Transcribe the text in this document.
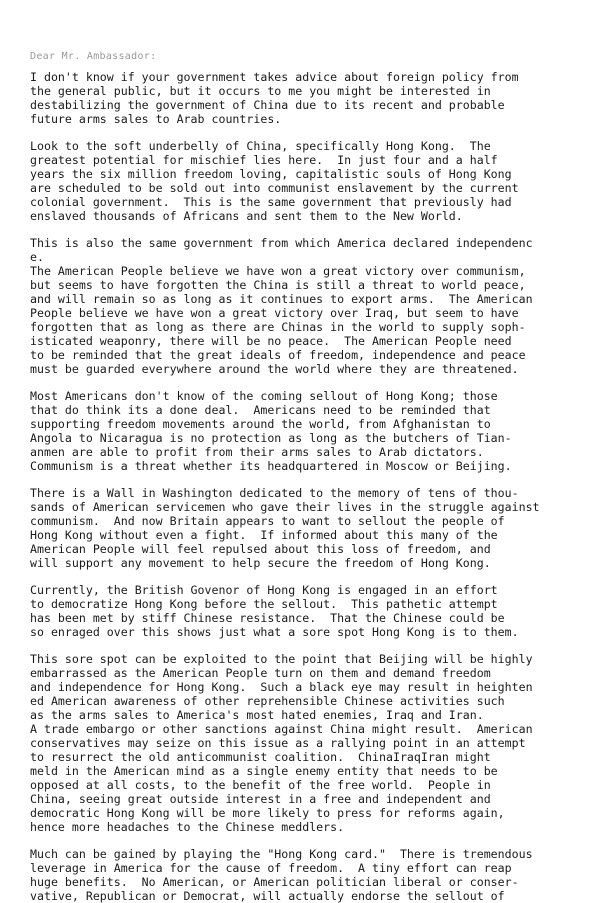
Dear Mr. Ambassador:
I don't know if your government takes advice about foreign policy from
the general public, but it occurs to me you might be interested in
destabilizing the government of China due to its recent and probable
future arms sales to Arab countries.
Look to the soft underbelly of China, specifically Hong Kong.  The
greatest potential for mischief lies here.  In just four and a half
years the six million freedom loving, capitalistic souls of Hong Kong
are scheduled to be sold out into communist enslavement by the current
colonial government.  This is the same government that previously had
enslaved thousands of Africans and sent them to the New World.
This is also the same government from which America declared independenc
e.
The American People believe we have won a great victory over communism,
but seems to have forgotten the China is still a threat to world peace,
and will remain so as long as it continues to export arms.  The American
People believe we have won a great victory over Iraq, but seem to have
forgotten that as long as there are Chinas in the world to supply soph-
isticated weaponry, there will be no peace.  The American People need
to be reminded that the great ideals of freedom, independence and peace
must be guarded everywhere around the world where they are threatened.
Most Americans don't know of the coming sellout of Hong Kong; those
that do think its a done deal.  Americans need to be reminded that
supporting freedom movements around the world, from Afghanistan to
Angola to Nicaragua is no protection as long as the butchers of Tian-
anmen are able to profit from their arms sales to Arab dictators.
Communism is a threat whether its headquartered in Moscow or Beijing.
There is a Wall in Washington dedicated to the memory of tens of thou-
sands of American servicemen who gave their lives in the struggle against
communism.  And now Britain appears to want to sellout the people of
Hong Kong without even a fight.  If informed about this many of the
American People will feel repulsed about this loss of freedom, and
will support any movement to help secure the freedom of Hong Kong.
Currently, the British Govenor of Hong Kong is engaged in an effort
to democratize Hong Kong before the sellout.  This pathetic attempt
has been met by stiff Chinese resistance.  That the Chinese could be
so enraged over this shows just what a sore spot Hong Kong is to them.
This sore spot can be exploited to the point that Beijing will be highly
embarrassed as the American People turn on them and demand freedom
and independence for Hong Kong.  Such a black eye may result in heighten
ed American awareness of other reprehensible Chinese activities such
as the arms sales to America's most hated enemies, Iraq and Iran.
A trade embargo or other sanctions against China might result.  American
conservatives may seize on this issue as a rallying point in an attempt
to resurrect the old anticommunist coalition.  ChinaIraqIran might
meld in the American mind as a single enemy entity that needs to be
opposed at all costs, to the benefit of the free world.  People in
China, seeing great outside interest in a free and independent and
democratic Hong Kong will be more likely to press for reforms again,
hence more headaches to the Chinese meddlers.
Much can be gained by playing the "Hong Kong card."  There is tremendous
leverage in America for the cause of freedom.  A tiny effort can reap
huge benefits.  No American, or American politician liberal or conser-
vative, Republican or Democrat, will actually endorse the sellout of
